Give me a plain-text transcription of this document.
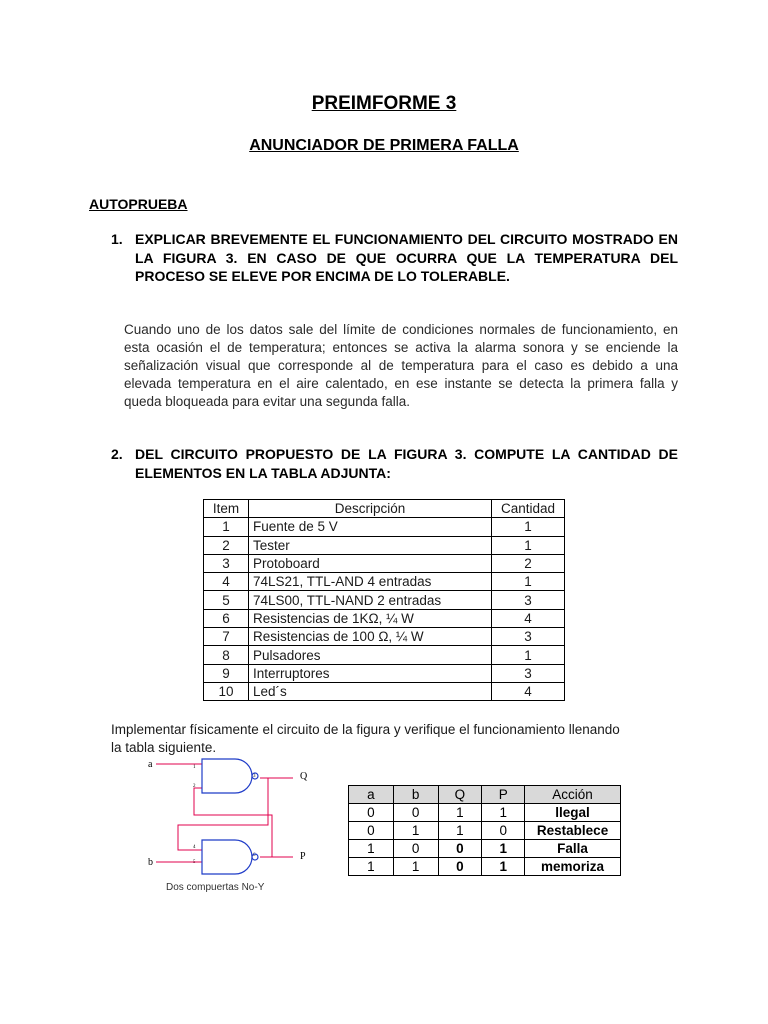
PREIMFORME 3
ANUNCIADOR DE PRIMERA FALLA
AUTOPRUEBA
1. EXPLICAR BREVEMENTE EL FUNCIONAMIENTO DEL CIRCUITO MOSTRADO EN LA FIGURA 3. EN CASO DE QUE OCURRA QUE LA TEMPERATURA DEL PROCESO SE ELEVE POR ENCIMA DE LO TOLERABLE.
Cuando uno de los datos sale del límite de condiciones normales de funcionamiento, en esta ocasión el de temperatura; entonces se activa la alarma sonora y se enciende la señalización visual que corresponde al de temperatura para el caso es debido a una elevada temperatura en el aire calentado, en ese instante se detecta la primera falla y queda bloqueada para evitar una segunda falla.
2. DEL CIRCUITO PROPUESTO DE LA FIGURA 3. COMPUTE LA CANTIDAD DE ELEMENTOS EN LA TABLA ADJUNTA:
Item	Descripción	Cantidad
1	Fuente de 5 V	1
2	Tester	1
3	Protoboard	2
4	74LS21, TTL-AND 4 entradas	1
5	74LS00, TTL-NAND 2 entradas	3
6	Resistencias de 1KΩ, ¼ W	4
7	Resistencias de 100 Ω, ¼ W	3
8	Pulsadores	1
9	Interruptores	3
10	Led´s	4
Implementar físicamente el circuito de la figura y verifique el funcionamiento llenando la tabla siguiente.
a
b
Q
P
1
2
3
4
5
6
Dos compuertas No-Y
a	b	Q	P	Acción
0	0	1	1	llegal
0	1	1	0	Restablece
1	0	0	1	Falla
1	1	0	1	memoriza
